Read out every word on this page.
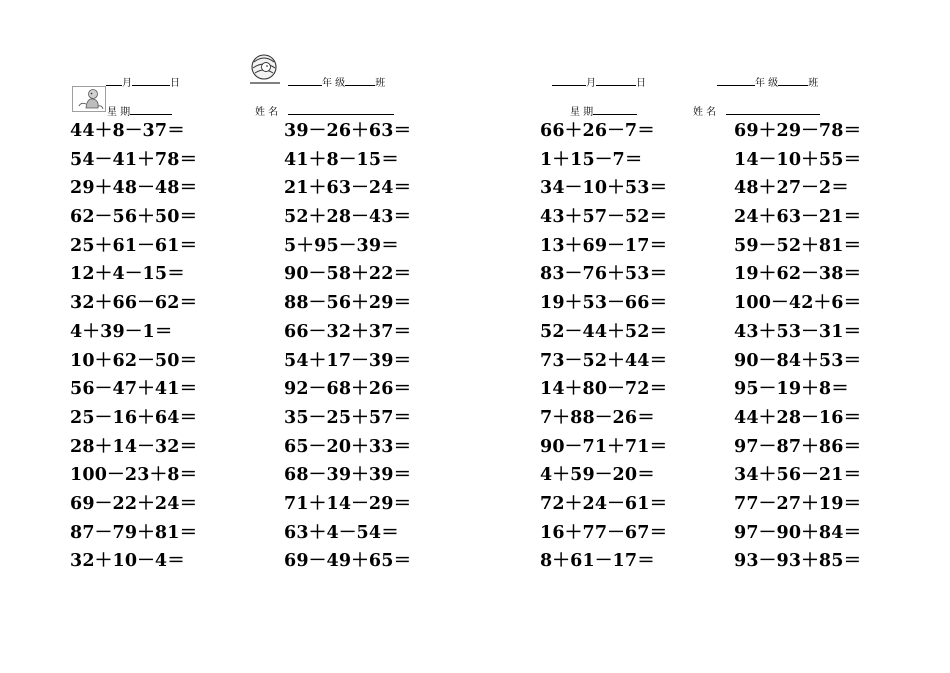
月	日
星 期
年 级	班
姓 名
月	日
星 期
年 级	班
姓 名
44＋8－37＝
54－41＋78＝
29＋48－48＝
62－56＋50＝
25＋61－61＝
12＋4－15＝
32＋66－62＝
4＋39－1＝
10＋62－50＝
56－47＋41＝
25－16＋64＝
28＋14－32＝
100－23＋8＝
69－22＋24＝
87－79＋81＝
32＋10－4＝
39－26＋63＝
41＋8－15＝
21＋63－24＝
52＋28－43＝
5＋95－39＝
90－58＋22＝
88－56＋29＝
66－32＋37＝
54＋17－39＝
92－68＋26＝
35－25＋57＝
65－20＋33＝
68－39＋39＝
71＋14－29＝
63＋4－54＝
69－49＋65＝
66＋26－7＝
1＋15－7＝
34－10＋53＝
43＋57－52＝
13＋69－17＝
83－76＋53＝
19＋53－66＝
52－44＋52＝
73－52＋44＝
14＋80－72＝
7＋88－26＝
90－71＋71＝
4＋59－20＝
72＋24－61＝
16＋77－67＝
8＋61－17＝
69＋29－78＝
14－10＋55＝
48＋27－2＝
24＋63－21＝
59－52＋81＝
19＋62－38＝
100－42＋6＝
43＋53－31＝
90－84＋53＝
95－19＋8＝
44＋28－16＝
97－87＋86＝
34＋56－21＝
77－27＋19＝
97－90＋84＝
93－93＋85＝
